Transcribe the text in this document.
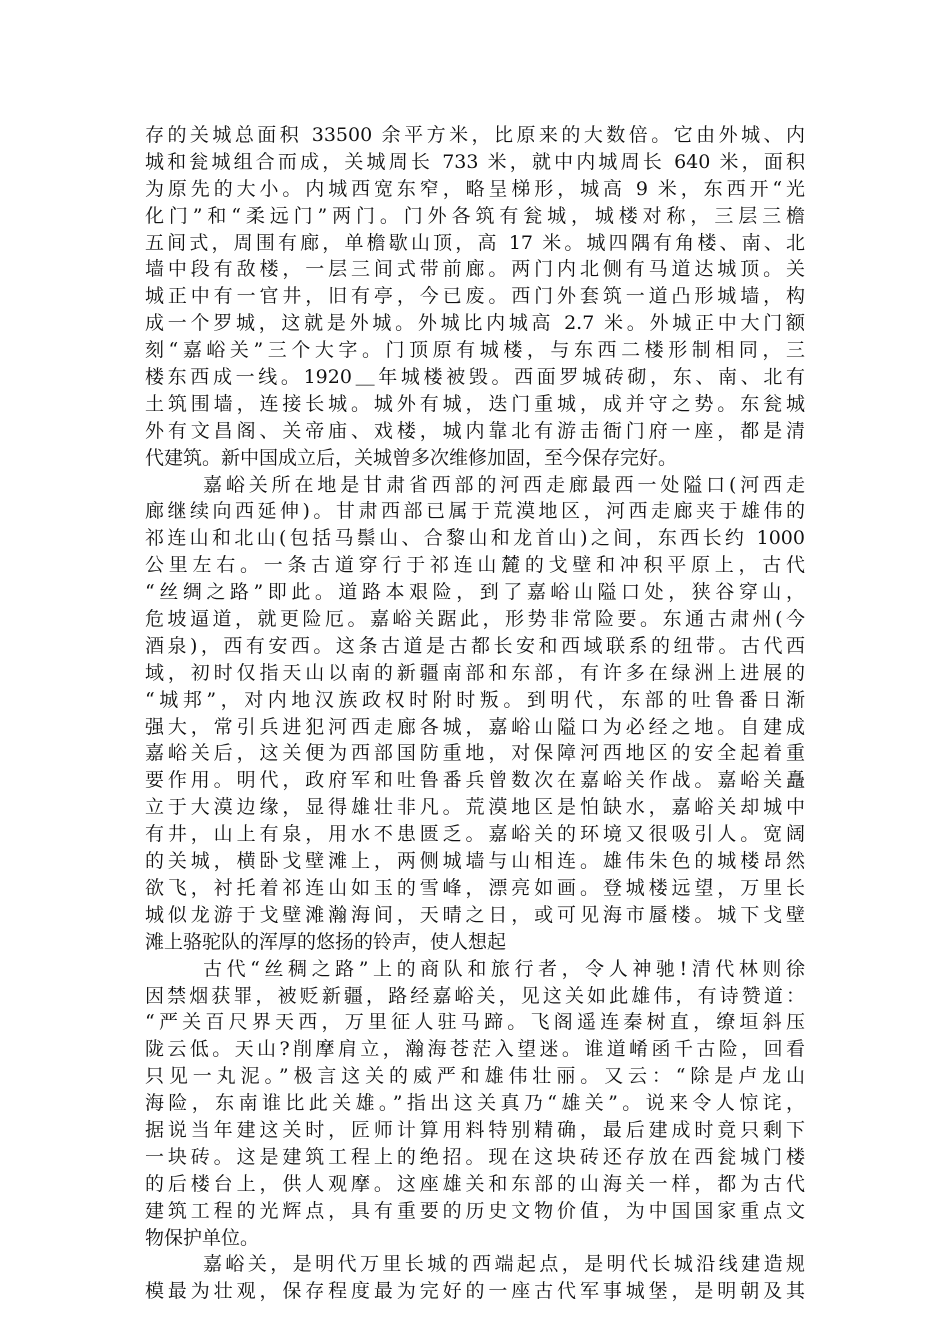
存的关城总面积 33500 余平方米，比原来的大数倍。它由外城、内
城和瓮城组合而成，关城周长 733 米，就中内城周长 640 米，面积
为原先的大小。内城西宽东窄，略呈梯形，城高 9 米，东西开“光
化门”和“柔远门”两门。门外各筑有瓮城，城楼对称，三层三檐
五间式，周围有廊，单檐歇山顶，高 17 米。城四隅有角楼、南、北
墙中段有敌楼，一层三间式带前廊。两门内北侧有马道达城顶。关
城正中有一官井，旧有亭，今已废。西门外套筑一道凸形城墙，构
成一个罗城，这就是外城。外城比内城高 2.7 米。外城正中大门额
刻“嘉峪关”三个大字。门顶原有城楼，与东西二楼形制相同，三
楼东西成一线。1920＿年城楼被毁。西面罗城砖砌，东、南、北有
土筑围墙，连接长城。城外有城，迭门重城，成并守之势。东瓮城
外有文昌阁、关帝庙、戏楼，城内靠北有游击衙门府一座，都是清
代建筑。新中国成立后，关城曾多次维修加固，至今保存完好。
嘉峪关所在地是甘肃省西部的河西走廊最西一处隘口(河西走
廊继续向西延伸)。甘肃西部已属于荒漠地区，河西走廊夹于雄伟的
祁连山和北山(包括马鬃山、合黎山和龙首山)之间，东西长约 1000
公里左右。一条古道穿行于祁连山麓的戈壁和冲积平原上，古代
“丝绸之路”即此。道路本艰险，到了嘉峪山隘口处，狭谷穿山，
危坡逼道，就更险厄。嘉峪关踞此，形势非常险要。东通古肃州(今
酒泉)，西有安西。这条古道是古都长安和西域联系的纽带。古代西
域，初时仅指天山以南的新疆南部和东部，有许多在绿洲上进展的
“城邦”，对内地汉族政权时附时叛。到明代，东部的吐鲁番日渐
强大，常引兵进犯河西走廊各城，嘉峪山隘口为必经之地。自建成
嘉峪关后，这关便为西部国防重地，对保障河西地区的安全起着重
要作用。明代，政府军和吐鲁番兵曾数次在嘉峪关作战。嘉峪关矗
立于大漠边缘，显得雄壮非凡。荒漠地区是怕缺水，嘉峪关却城中
有井，山上有泉，用水不患匮乏。嘉峪关的环境又很吸引人。宽阔
的关城，横卧戈壁滩上，两侧城墙与山相连。雄伟朱色的城楼昂然
欲飞，衬托着祁连山如玉的雪峰，漂亮如画。登城楼远望，万里长
城似龙游于戈壁滩瀚海间，天晴之日，或可见海市蜃楼。城下戈壁
滩上骆驼队的浑厚的悠扬的铃声，使人想起
古代“丝稠之路”上的商队和旅行者，令人神驰!清代林则徐
因禁烟获罪，被贬新疆，路经嘉峪关，见这关如此雄伟，有诗赞道：
“严关百尺界天西，万里征人驻马蹄。飞阁遥连秦树直，缭垣斜压
陇云低。天山?削摩肩立，瀚海苍茫入望迷。谁道崤函千古险，回看
只见一丸泥。”极言这关的威严和雄伟壮丽。又云：“除是卢龙山
海险，东南谁比此关雄。”指出这关真乃“雄关”。说来令人惊诧，
据说当年建这关时，匠师计算用料特别精确，最后建成时竟只剩下
一块砖。这是建筑工程上的绝招。现在这块砖还存放在西瓮城门楼
的后楼台上，供人观摩。这座雄关和东部的山海关一样，都为古代
建筑工程的光辉点，具有重要的历史文物价值，为中国国家重点文
物保护单位。
嘉峪关，是明代万里长城的西端起点，是明代长城沿线建造规
模最为壮观，保存程度最为完好的一座古代军事城堡，是明朝及其
